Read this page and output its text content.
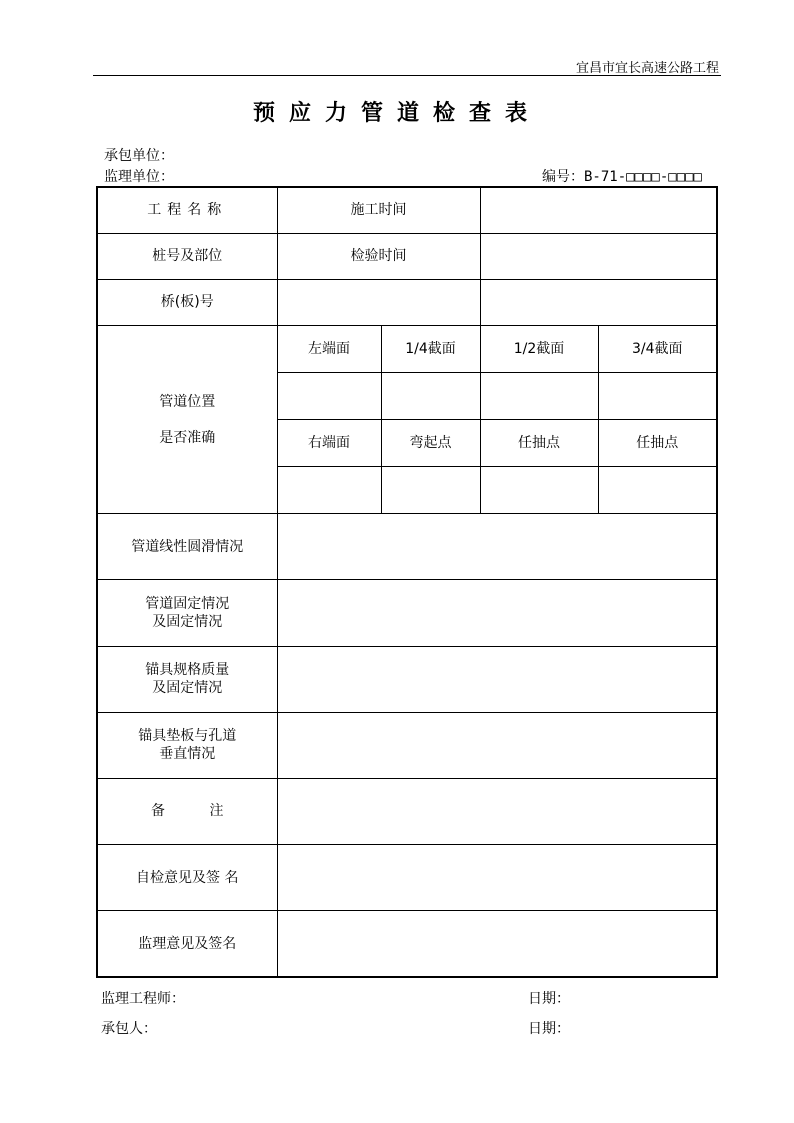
宜昌市宜长高速公路工程
预应力管道检查表
承包单位：
监理单位：	编号：B-71-□□□□-□□□□
工程名称	施工时间			
桩号及部位	检验时间			
桥(板)号				

管道位置
是否准确	左端面	1/4截面	1/2截面	3/4截面

	右端面	弯起点	任抽点	任抽点

管道线性圆滑情况				

管道固定情况
及固定情况				

锚具规格质量
及固定情况				

锚具垫板与孔道
垂直情况				

备 注				
自检意见及签 名				
监理意见及签名				
监理工程师：
承包人：
日期：
日期：
